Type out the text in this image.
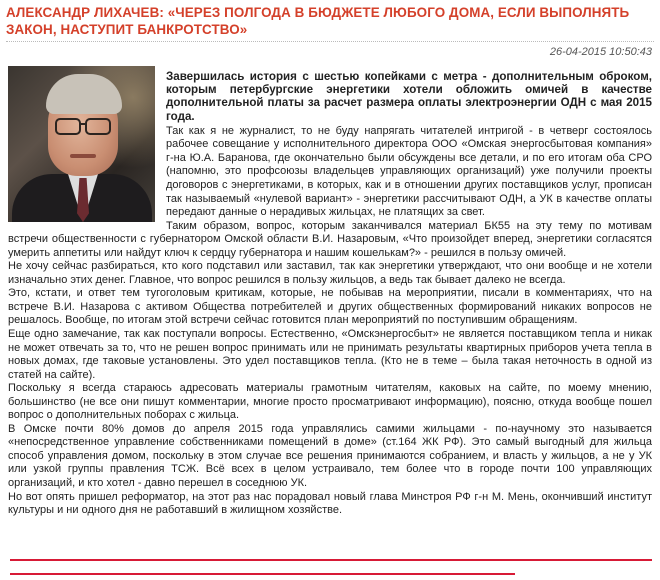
АЛЕКСАНДР ЛИХАЧЕВ: «ЧЕРЕЗ ПОЛГОДА В БЮДЖЕТЕ ЛЮБОГО ДОМА, ЕСЛИ ВЫПОЛНЯТЬ ЗАКОН, НАСТУПИТ БАНКРОТСТВО»
26-04-2015 10:50:43

Завершилась история с шестью копейками с метра - дополнительным оброком, которым петербургские энергетики хотели обложить омичей в качестве дополнительной платы за расчет размера оплаты электроэнергии ОДН с мая 2015 года.

Так как я не журналист, то не буду напрягать читателей интригой - в четверг состоялось рабочее совещание у исполнительного директора ООО «Омская энергосбытовая компания» г-на Ю.А. Баранова, где окончательно были обсуждены все детали, и по его итогам оба СРО (напомню, это профсоюзы владельцев управляющих организаций) уже получили проекты договоров с энергетиками, в которых, как и в отношении других поставщиков услуг, прописан так называемый «нулевой вариант» - энергетики рассчитывают ОДН, а УК в качестве оплаты передают данные о нерадивых жильцах, не платящих за свет.

Таким образом, вопрос, которым заканчивался материал БК55 на эту тему по мотивам встречи общественности с губернатором Омской области В.И. Назаровым, «Что произойдет вперед, энергетики согласятся умерить аппетиты или найдут ключ к сердцу губернатора и нашим кошелькам?» - решился в пользу омичей.

Не хочу сейчас разбираться, кто кого подставил или заставил, так как энергетики утверждают, что они вообще и не хотели изначально этих денег. Главное, что вопрос решился в пользу жильцов, а ведь так бывает далеко не всегда.

Это, кстати, и ответ тем тугоголовым критикам, которые, не побывав на мероприятии, писали в комментариях, что на встрече В.И. Назарова с активом Общества потребителей и других общественных формирований никаких вопросов не решалось. Вообще, по итогам этой встречи сейчас готовится план мероприятий по поступившим обращениям.

Еще одно замечание, так как поступали вопросы. Естественно, «Омскэнергосбыт» не является поставщиком тепла и никак не может отвечать за то, что не решен вопрос принимать или не принимать результаты квартирных приборов учета тепла в новых домах, где таковые установлены. Это удел поставщиков тепла. (Кто не в теме – была такая неточность в одной из статей на сайте).

Поскольку я всегда стараюсь адресовать материалы грамотным читателям, каковых на сайте, по моему мнению, большинство (не все они пишут комментарии, многие просто просматривают информацию), поясню, откуда вообще пошел вопрос о дополнительных поборах с жильца.

В Омске почти 80% домов до апреля 2015 года управлялись самими жильцами - по-научному это называется «непосредственное управление собственниками помещений в доме» (ст.164 ЖК РФ). Это самый выгодный для жильца способ управления домом, поскольку в этом случае все решения принимаются собранием, и власть у жильцов, а не у УК или узкой группы правления ТСЖ. Всё всех в целом устраивало, тем более что в городе почти 100 управляющих организаций, и кто хотел - давно перешел в соседнюю УК.

Но вот опять пришел реформатор, на этот раз нас порадовал новый глава Минстроя РФ г-н М. Мень, окончивший институт культуры и ни одного дня не работавший в жилищном хозяйстве.
